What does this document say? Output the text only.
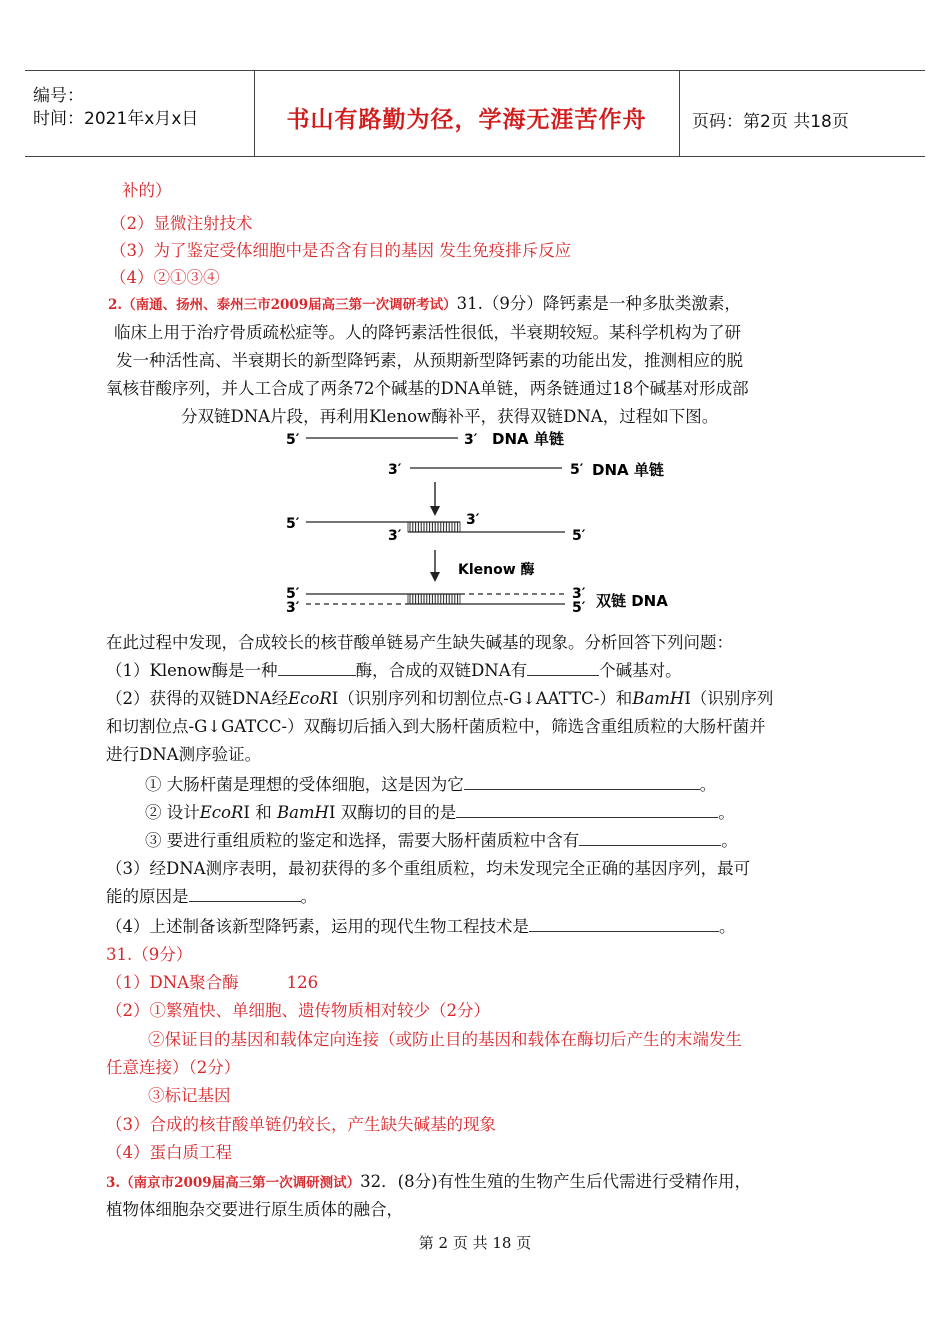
编号：
时间：2021年x月x日	书山有路勤为径，学海无涯苦作舟	页码：第2页 共18页
补的）
（2）显微注射技术
（3）为了鉴定受体细胞中是否含有目的基因 发生免疫排斥反应
（4）②①③④
2.（南通、扬州、泰州三市2009届高三第一次调研考试）31.（9分）降钙素是一种多肽类激素，
临床上用于治疗骨质疏松症等。人的降钙素活性很低，半衰期较短。某科学机构为了研
发一种活性高、半衰期长的新型降钙素，从预期新型降钙素的功能出发，推测相应的脱
氧核苷酸序列，并人工合成了两条72个碱基的DNA单链，两条链通过18个碱基对形成部
分双链DNA片段，再利用Klenow酶补平，获得双链DNA，过程如下图。
5′	3′ DNA 单链
3′	5′ DNA 单链
5′	3′
3′	5′
Klenow 酶
5′
3′
3′
5′ 双链 DNA
在此过程中发现，合成较长的核苷酸单链易产生缺失碱基的现象。分析回答下列问题：
（1）Klenow酶是一种	酶，合成的双链DNA有	个碱基对。
（2）获得的双链DNA经EcoRⅠ（识别序列和切割位点-G↓AATTC-）和BamHⅠ（识别序列
和切割位点-G↓GATCC-）双酶切后插入到大肠杆菌质粒中，筛选含重组质粒的大肠杆菌并
进行DNA测序验证。
① 大肠杆菌是理想的受体细胞，这是因为它	。
② 设计EcoRⅠ 和 BamHⅠ 双酶切的目的是	。
③ 要进行重组质粒的鉴定和选择，需要大肠杆菌质粒中含有	。
（3）经DNA测序表明，最初获得的多个重组质粒，均未发现完全正确的基因序列，最可
能的原因是	。
（4）上述制备该新型降钙素，运用的现代生物工程技术是	。
31.（9分）
（1）DNA聚合酶	126
（2）①繁殖快、单细胞、遗传物质相对较少（2分）
②保证目的基因和载体定向连接（或防止目的基因和载体在酶切后产生的末端发生
任意连接）（2分）
③标记基因
（3）合成的核苷酸单链仍较长，产生缺失碱基的现象
（4）蛋白质工程
3.（南京市2009届高三第一次调研测试）32．(8分)有性生殖的生物产生后代需进行受精作用，
植物体细胞杂交要进行原生质体的融合，
第 2 页 共 18 页
